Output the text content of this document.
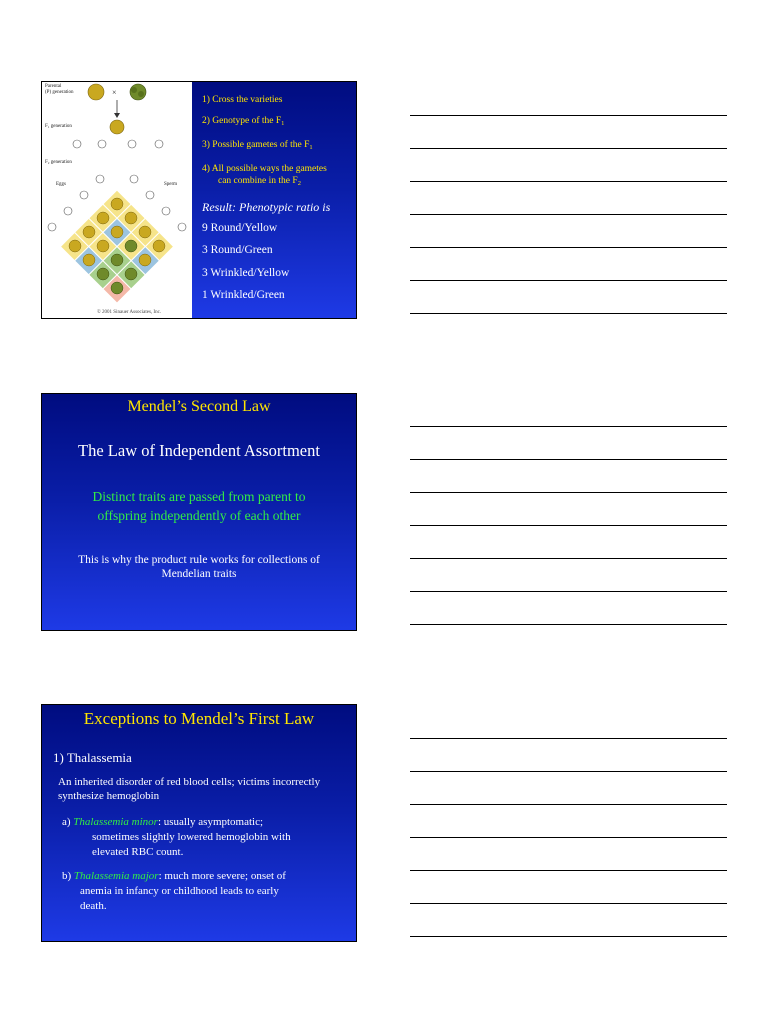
Parental
(P) generation	×
F₁ generation
F₂ generation
Eggs	Sperm
© 2001 Sinauer Associates, Inc.
1) Cross the varieties
2) Genotype of the $F_1$
3) Possible gametes of the $F_1$
4) All possible ways the gametes
can combine in the $F_2$
Result: Phenotypic ratio is
9 Round/Yellow
3 Round/Green
3 Wrinkled/Yellow
1 Wrinkled/Green
Mendel’s Second Law
The Law of Independent Assortment
Distinct traits are passed from parent to
offspring independently of each other
This is why the product rule works for collections of
Mendelian traits
Exceptions to Mendel’s First Law
1) Thalassemia
An inherited disorder of red blood cells; victims incorrectly
synthesize hemoglobin
a) Thalassemia minor: usually asymptomatic;
sometimes slightly lowered hemoglobin with
elevated RBC count.
b) Thalassemia major: much more severe; onset of
anemia in infancy or childhood leads to early
death.
